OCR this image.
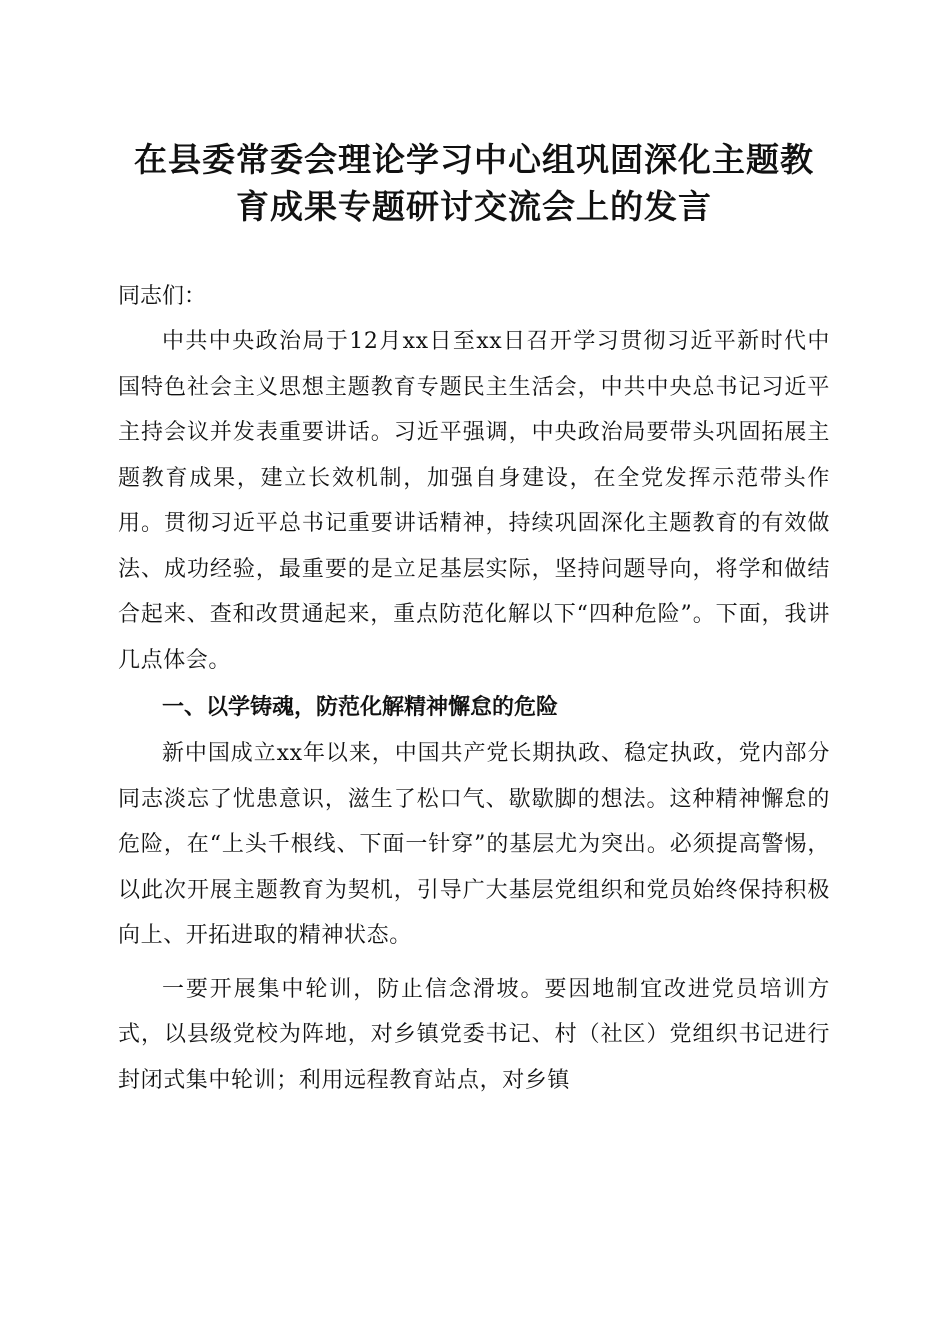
在县委常委会理论学习中心组巩固深化主题教
育成果专题研讨交流会上的发言

同志们：

中共中央政治局于12月xx日至xx日召开学习贯彻习近平新时代中国特色社会主义思想主题教育专题民主生活会，中共中央总书记习近平主持会议并发表重要讲话。习近平强调，中央政治局要带头巩固拓展主题教育成果，建立长效机制，加强自身建设，在全党发挥示范带头作用。贯彻习近平总书记重要讲话精神，持续巩固深化主题教育的有效做法、成功经验，最重要的是立足基层实际，坚持问题导向，将学和做结合起来、查和改贯通起来，重点防范化解以下“四种危险”。下面，我讲几点体会。

一、以学铸魂，防范化解精神懈怠的危险

新中国成立xx年以来，中国共产党长期执政、稳定执政，党内部分同志淡忘了忧患意识，滋生了松口气、歇歇脚的想法。这种精神懈怠的危险，在“上头千根线、下面一针穿”的基层尤为突出。必须提高警惕，以此次开展主题教育为契机，引导广大基层党组织和党员始终保持积极向上、开拓进取的精神状态。

一要开展集中轮训，防止信念滑坡。要因地制宜改进党员培训方式，以县级党校为阵地，对乡镇党委书记、村（社区）党组织书记进行封闭式集中轮训；利用远程教育站点，对乡镇
